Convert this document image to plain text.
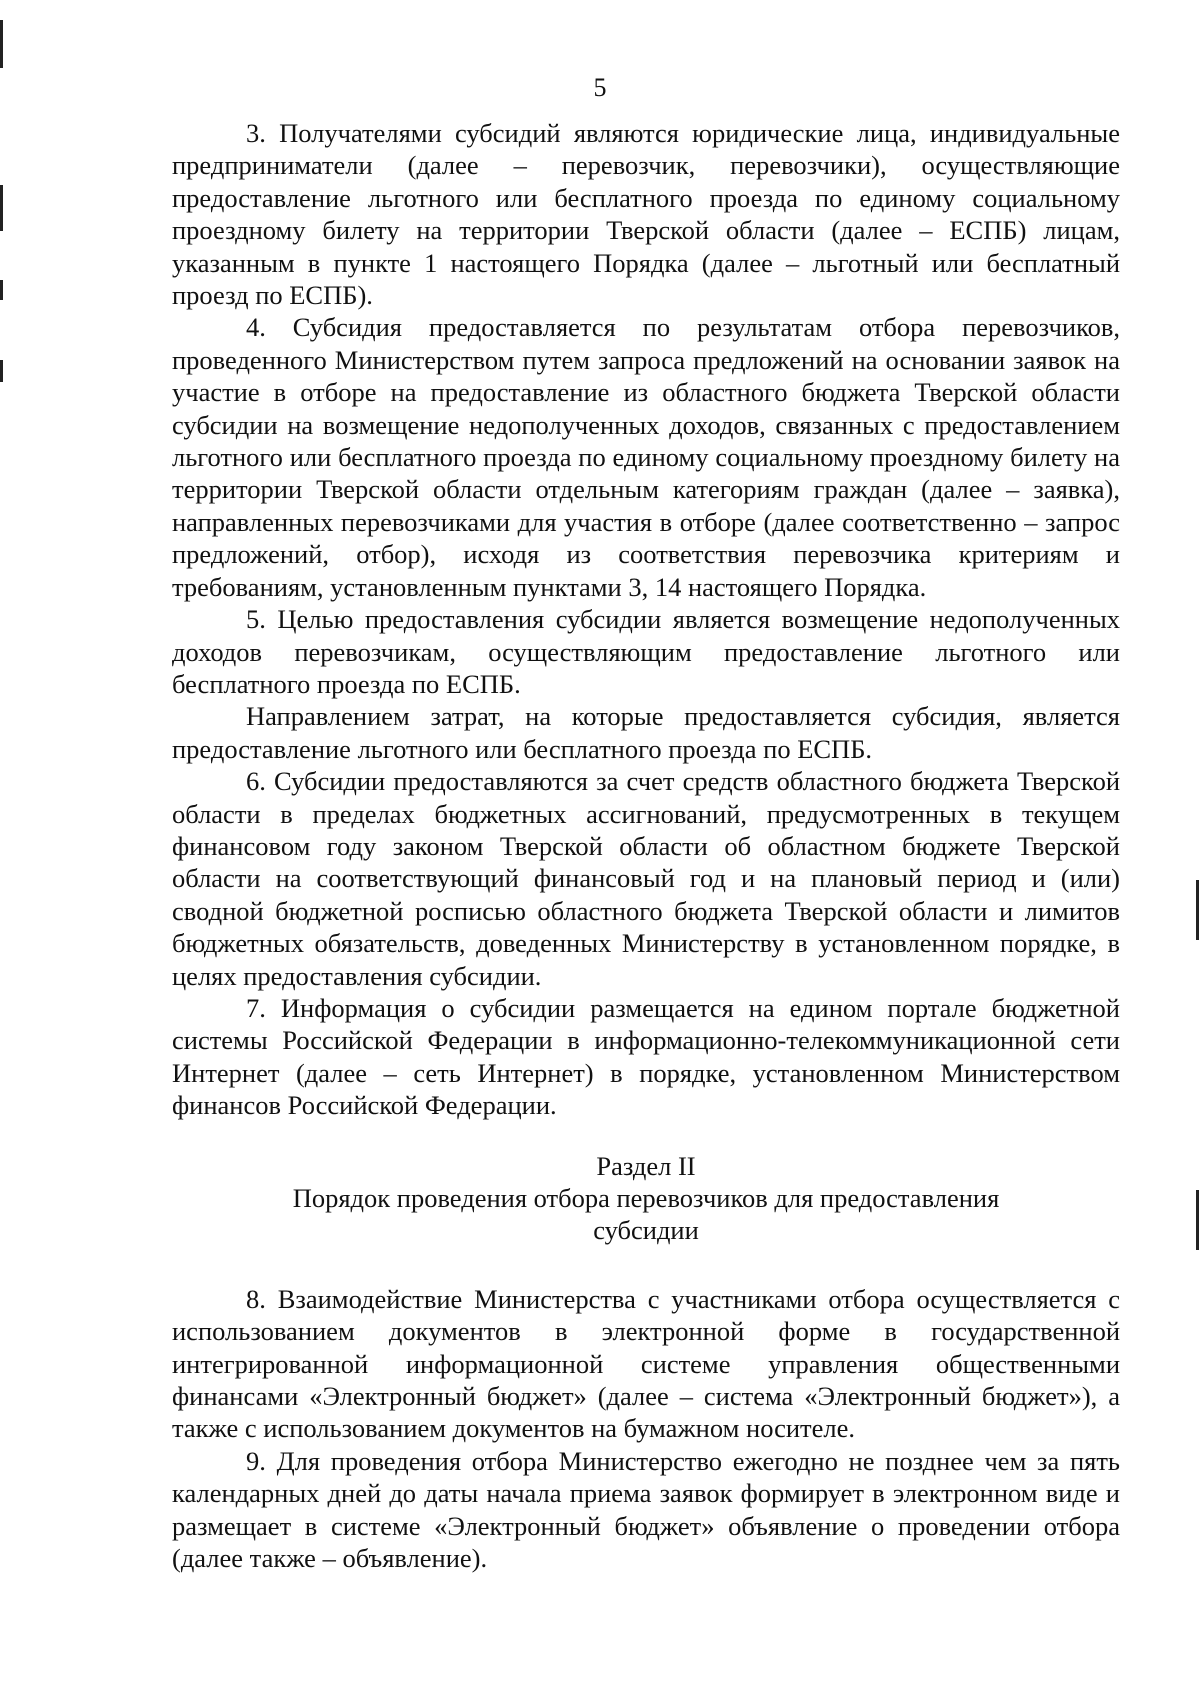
5

3. Получателями субсидий являются юридические лица, индивидуальные предприниматели (далее – перевозчик, перевозчики), осуществляющие предоставление льготного или бесплатного проезда по единому социальному проездному билету на территории Тверской области (далее – ЕСПБ) лицам, указанным в пункте 1 настоящего Порядка (далее – льготный или бесплатный проезд по ЕСПБ).

4. Субсидия предоставляется по результатам отбора перевозчиков, проведенного Министерством путем запроса предложений на основании заявок на участие в отборе на предоставление из областного бюджета Тверской области субсидии на возмещение недополученных доходов, связанных с предоставлением льготного или бесплатного проезда по единому социальному проездному билету на территории Тверской области отдельным категориям граждан (далее – заявка), направленных перевозчиками для участия в отборе (далее соответственно – запрос предложений, отбор), исходя из соответствия перевозчика критериям и требованиям, установленным пунктами 3, 14 настоящего Порядка.

5. Целью предоставления субсидии является возмещение недополученных доходов перевозчикам, осуществляющим предоставление льготного или бесплатного проезда по ЕСПБ.

Направлением затрат, на которые предоставляется субсидия, является предоставление льготного или бесплатного проезда по ЕСПБ.

6. Субсидии предоставляются за счет средств областного бюджета Тверской области в пределах бюджетных ассигнований, предусмотренных в текущем финансовом году законом Тверской области об областном бюджете Тверской области на соответствующий финансовый год и на плановый период и (или) сводной бюджетной росписью областного бюджета Тверской области и лимитов бюджетных обязательств, доведенных Министерству в установленном порядке, в целях предоставления субсидии.

7. Информация о субсидии размещается на едином портале бюджетной системы Российской Федерации в информационно-телекоммуникационной сети Интернет (далее – сеть Интернет) в порядке, установленном Министерством финансов Российской Федерации.

Раздел II
Порядок проведения отбора перевозчиков для предоставления
субсидии

8. Взаимодействие Министерства с участниками отбора осуществляется с использованием документов в электронной форме в государственной интегрированной информационной системе управления общественными финансами «Электронный бюджет» (далее – система «Электронный бюджет»), а также с использованием документов на бумажном носителе.

9. Для проведения отбора Министерство ежегодно не позднее чем за пять календарных дней до даты начала приема заявок формирует в электронном виде и размещает в системе «Электронный бюджет» объявление о проведении отбора (далее также – объявление).
